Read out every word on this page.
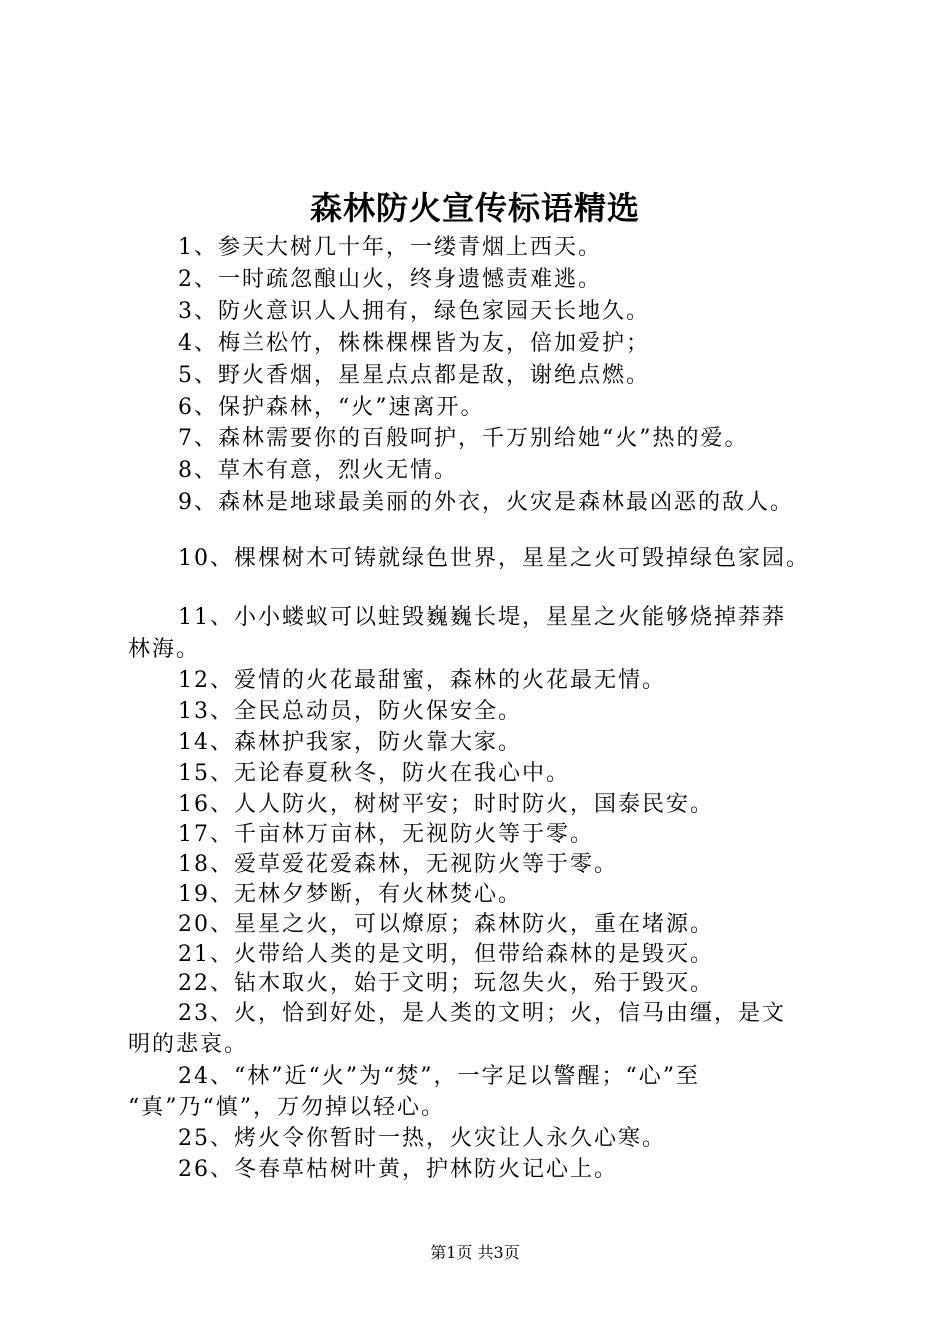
森林防火宣传标语精选

1、参天大树几十年，一缕青烟上西天。

2、一时疏忽酿山火，终身遗憾责难逃。

3、防火意识人人拥有，绿色家园天长地久。

4、梅兰松竹，株株棵棵皆为友，倍加爱护；

5、野火香烟，星星点点都是敌，谢绝点燃。

6、保护森林，“火”速离开。

7、森林需要你的百般呵护，千万别给她“火”热的爱。

8、草木有意，烈火无情。

9、森林是地球最美丽的外衣，火灾是森林最凶恶的敌人。

10、棵棵树木可铸就绿色世界，星星之火可毁掉绿色家园。

11、小小蝼蚁可以蛀毁巍巍长堤，星星之火能够烧掉莽莽

林海。

12、爱情的火花最甜蜜，森林的火花最无情。

13、全民总动员，防火保安全。

14、森林护我家，防火靠大家。

15、无论春夏秋冬，防火在我心中。

16、人人防火，树树平安；时时防火，国泰民安。

17、千亩林万亩林，无视防火等于零。

18、爱草爱花爱森林，无视防火等于零。

19、无林夕梦断，有火林焚心。

20、星星之火，可以燎原；森林防火，重在堵源。

21、火带给人类的是文明，但带给森林的是毁灭。

22、钻木取火，始于文明；玩忽失火，殆于毁灭。

23、火，恰到好处，是人类的文明；火，信马由缰，是文

明的悲哀。

24、“林”近“火”为“焚”，一字足以警醒；“心”至

“真”乃“慎”，万勿掉以轻心。

25、烤火令你暂时一热，火灾让人永久心寒。

26、冬春草枯树叶黄，护林防火记心上。

第1页 共3页
